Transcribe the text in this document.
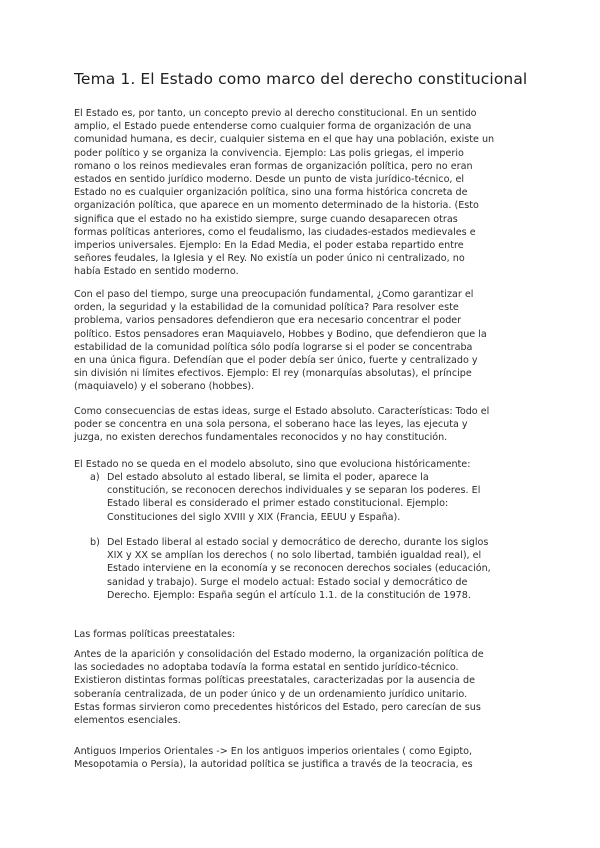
Tema 1. El Estado como marco del derecho constitucional
El Estado es, por tanto, un concepto previo al derecho constitucional. En un sentido
amplio, el Estado puede entenderse como cualquier forma de organización de una
comunidad humana, es decir, cualquier sistema en el que hay una población, existe un
poder político y se organiza la convivencia. Ejemplo: Las polis griegas, el imperio
romano o los reinos medievales eran formas de organización política, pero no eran
estados en sentido jurídico moderno. Desde un punto de vista jurídico-técnico, el
Estado no es cualquier organización política, sino una forma histórica concreta de
organización política, que aparece en un momento determinado de la historia. (Esto
significa que el estado no ha existido siempre, surge cuando desaparecen otras
formas políticas anteriores, como el feudalismo, las ciudades-estados medievales e
imperios universales. Ejemplo: En la Edad Media, el poder estaba repartido entre
señores feudales, la Iglesia y el Rey. No existía un poder único ni centralizado, no
había Estado en sentido moderno.
Con el paso del tiempo, surge una preocupación fundamental, ¿Como garantizar el
orden, la seguridad y la estabilidad de la comunidad política? Para resolver este
problema, varios pensadores defendieron que era necesario concentrar el poder
político. Estos pensadores eran Maquiavelo, Hobbes y Bodino, que defendieron que la
estabilidad de la comunidad política sólo podía lograrse si el poder se concentraba
en una única figura. Defendían que el poder debía ser único, fuerte y centralizado y
sin división ni límites efectivos. Ejemplo: El rey (monarquías absolutas), el príncipe
(maquiavelo) y el soberano (hobbes).
Como consecuencias de estas ideas, surge el Estado absoluto. Características: Todo el
poder se concentra en una sola persona, el soberano hace las leyes, las ejecuta y
juzga, no existen derechos fundamentales reconocidos y no hay constitución.
El Estado no se queda en el modelo absoluto, sino que evoluciona históricamente:
a) Del estado absoluto al estado liberal, se limita el poder, aparece la
constitución, se reconocen derechos individuales y se separan los poderes. El
Estado liberal es considerado el primer estado constitucional. Ejemplo:
Constituciones del siglo XVIII y XIX (Francia, EEUU y España).
b) Del Estado liberal al estado social y democrático de derecho, durante los siglos
XIX y XX se amplían los derechos ( no solo libertad, también igualdad real), el
Estado interviene en la economía y se reconocen derechos sociales (educación,
sanidad y trabajo). Surge el modelo actual: Estado social y democrático de
Derecho. Ejemplo: España según el artículo 1.1. de la constitución de 1978.
Las formas políticas preestatales:
Antes de la aparición y consolidación del Estado moderno, la organización política de
las sociedades no adoptaba todavía la forma estatal en sentido jurídico-técnico.
Existieron distintas formas políticas preestatales, caracterizadas por la ausencia de
soberanía centralizada, de un poder único y de un ordenamiento jurídico unitario.
Estas formas sirvieron como precedentes históricos del Estado, pero carecían de sus
elementos esenciales.
Antiguos Imperios Orientales -> En los antiguos imperios orientales ( como Egipto,
Mesopotamia o Persia), la autoridad política se justifica a través de la teocracia, es
